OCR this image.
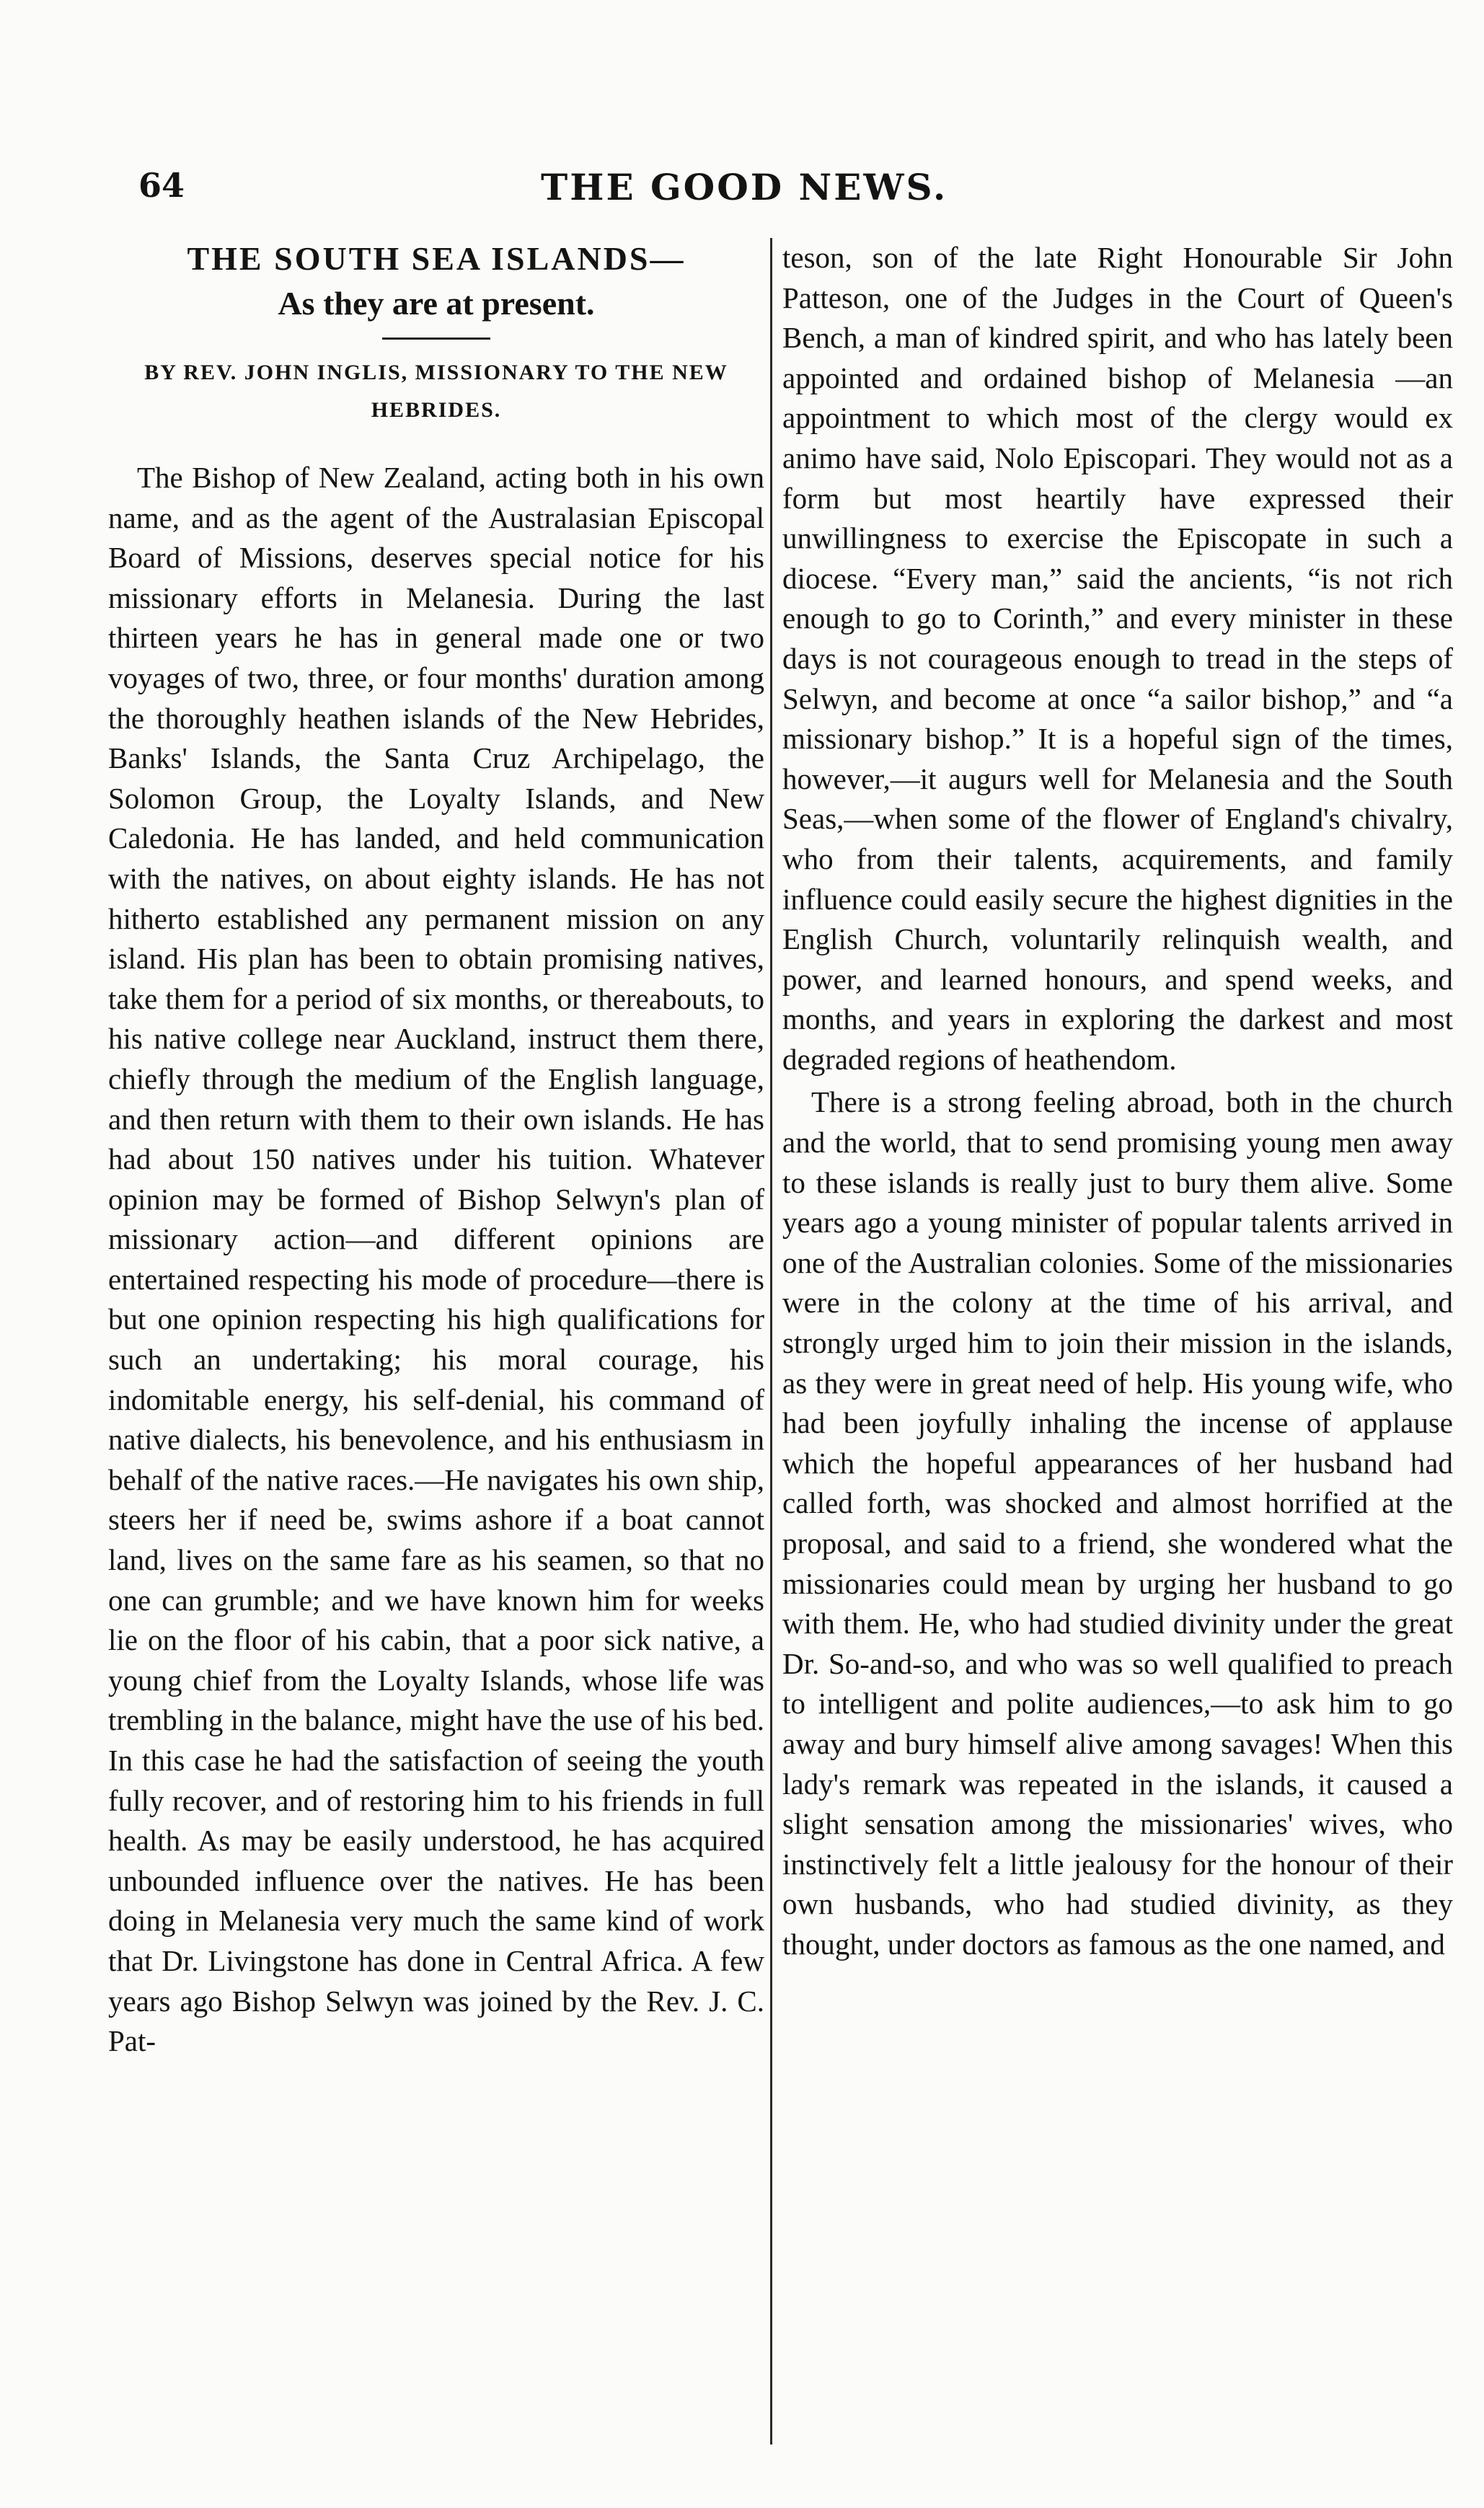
64	THE GOOD NEWS.
THE SOUTH SEA ISLANDS—
As they are at present.

BY REV. JOHN INGLIS, MISSIONARY TO THE NEW HEBRIDES.

The Bishop of New Zealand, acting both in his own name, and as the agent of the Australasian Episcopal Board of Missions, deserves special notice for his missionary efforts in Melanesia. During the last thirteen years he has in general made one or two voyages of two, three, or four months' duration among the thoroughly heathen islands of the New Hebrides, Banks' Islands, the Santa Cruz Archipelago, the Solomon Group, the Loyalty Islands, and New Caledonia. He has landed, and held communication with the natives, on about eighty islands. He has not hitherto established any permanent mission on any island. His plan has been to obtain promising natives, take them for a period of six months, or thereabouts, to his native college near Auckland, instruct them there, chiefly through the medium of the English language, and then return with them to their own islands. He has had about 150 natives under his tuition. Whatever opinion may be formed of Bishop Selwyn's plan of missionary action—and different opinions are entertained respecting his mode of procedure—there is but one opinion respecting his high qualifications for such an undertaking; his moral courage, his indomitable energy, his self-denial, his command of native dialects, his benevolence, and his enthusiasm in behalf of the native races.—He navigates his own ship, steers her if need be, swims ashore if a boat cannot land, lives on the same fare as his seamen, so that no one can grumble; and we have known him for weeks lie on the floor of his cabin, that a poor sick native, a young chief from the Loyalty Islands, whose life was trembling in the balance, might have the use of his bed. In this case he had the satisfaction of seeing the youth fully recover, and of restoring him to his friends in full health. As may be easily understood, he has acquired unbounded influence over the natives. He has been doing in Melanesia very much the same kind of work that Dr. Livingstone has done in Central Africa. A few years ago Bishop Selwyn was joined by the Rev. J. C. Pat-

teson, son of the late Right Honourable Sir John Patteson, one of the Judges in the Court of Queen's Bench, a man of kindred spirit, and who has lately been appointed and ordained bishop of Melanesia —an appointment to which most of the clergy would ex animo have said, Nolo Episcopari. They would not as a form but most heartily have expressed their unwillingness to exercise the Episcopate in such a diocese. “Every man,” said the ancients, “is not rich enough to go to Corinth,” and every minister in these days is not courageous enough to tread in the steps of Selwyn, and become at once “a sailor bishop,” and “a missionary bishop.” It is a hopeful sign of the times, however,—it augurs well for Melanesia and the South Seas,—when some of the flower of England's chivalry, who from their talents, acquirements, and family influence could easily secure the highest dignities in the English Church, voluntarily relinquish wealth, and power, and learned honours, and spend weeks, and months, and years in exploring the darkest and most degraded regions of heathendom.

There is a strong feeling abroad, both in the church and the world, that to send promising young men away to these islands is really just to bury them alive. Some years ago a young minister of popular talents arrived in one of the Australian colonies. Some of the missionaries were in the colony at the time of his arrival, and strongly urged him to join their mission in the islands, as they were in great need of help. His young wife, who had been joyfully inhaling the incense of applause which the hopeful appearances of her husband had called forth, was shocked and almost horrified at the proposal, and said to a friend, she wondered what the missionaries could mean by urging her husband to go with them. He, who had studied divinity under the great Dr. So-and-so, and who was so well qualified to preach to intelligent and polite audiences,—to ask him to go away and bury himself alive among savages! When this lady's remark was repeated in the islands, it caused a slight sensation among the missionaries' wives, who instinctively felt a little jealousy for the honour of their own husbands, who had studied divinity, as they thought, under doctors as famous as the one named, and
